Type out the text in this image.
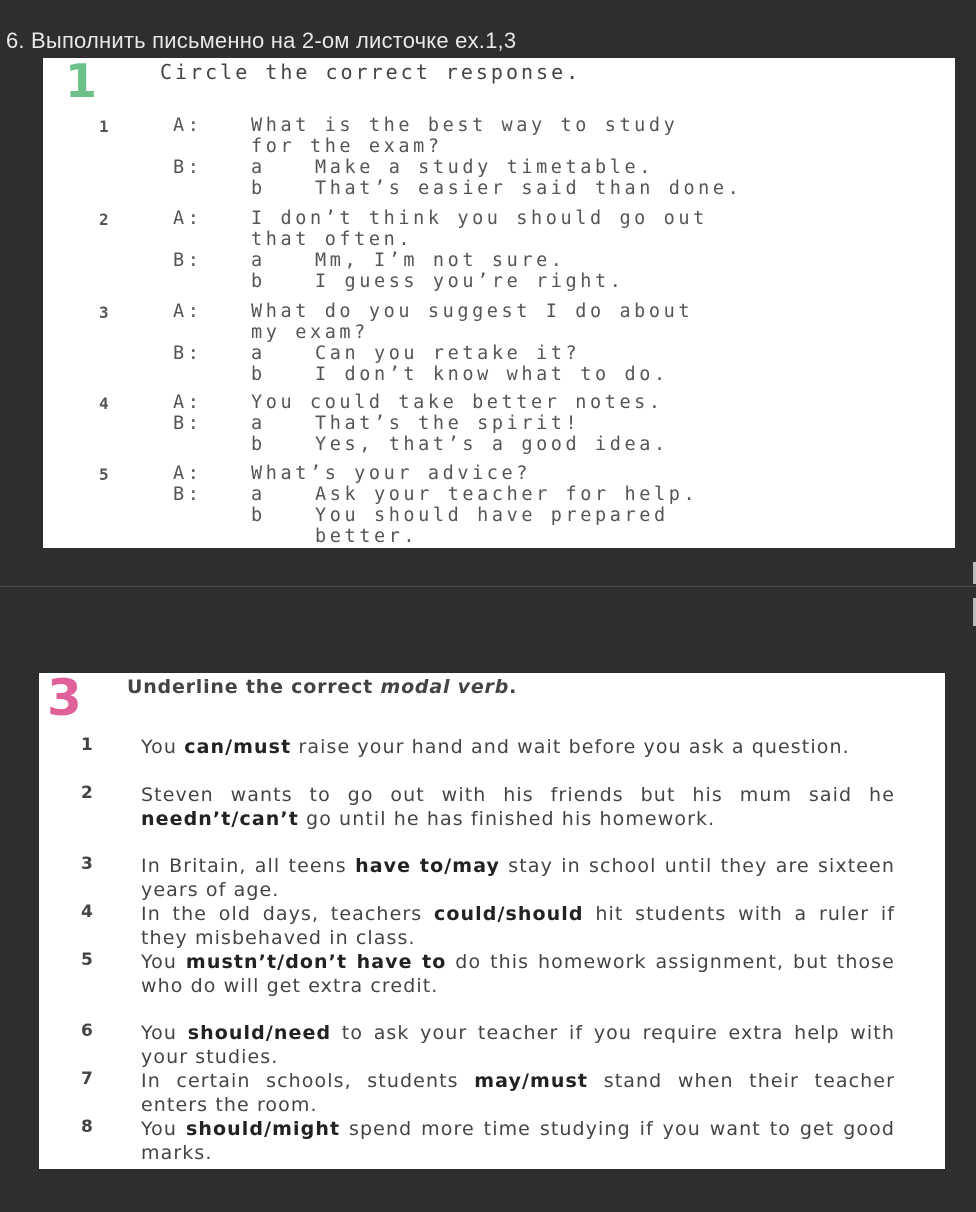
6. Выполнить письменно на 2-ом листочке ex.1,3
1	Circle the correct response.
1	A:	What is the best way to study
for the exam?
B:	a	Make a study timetable.
b	That’s easier said than done.
2	A:	I don’t think you should go out
that often.
B:	a	Mm, I’m not sure.
b	I guess you’re right.
3	A:	What do you suggest I do about
my exam?
B:	a	Can you retake it?
b	I don’t know what to do.
4	A:	You could take better notes.
B:	a	That’s the spirit!
b	Yes, that’s a good idea.
5	A:	What’s your advice?
B:	a	Ask your teacher for help.
b	You should have prepared
better.
3 Underline the correct modal verb.
1	You can/must raise your hand and wait before you ask a question.
2	Steven wants to go out with his friends but his mum said he needn’t/can’t go until he has finished his homework.
3	In Britain, all teens have to/may stay in school until they are sixteen years of age.
4	In the old days, teachers could/should hit students with a ruler if they misbehaved in class.
5	You mustn’t/don’t have to do this homework assignment, but those who do will get extra credit.
6	You should/need to ask your teacher if you require extra help with your studies.
7	In certain schools, students may/must stand when their teacher enters the room.
8	You should/might spend more time studying if you want to get good marks.
